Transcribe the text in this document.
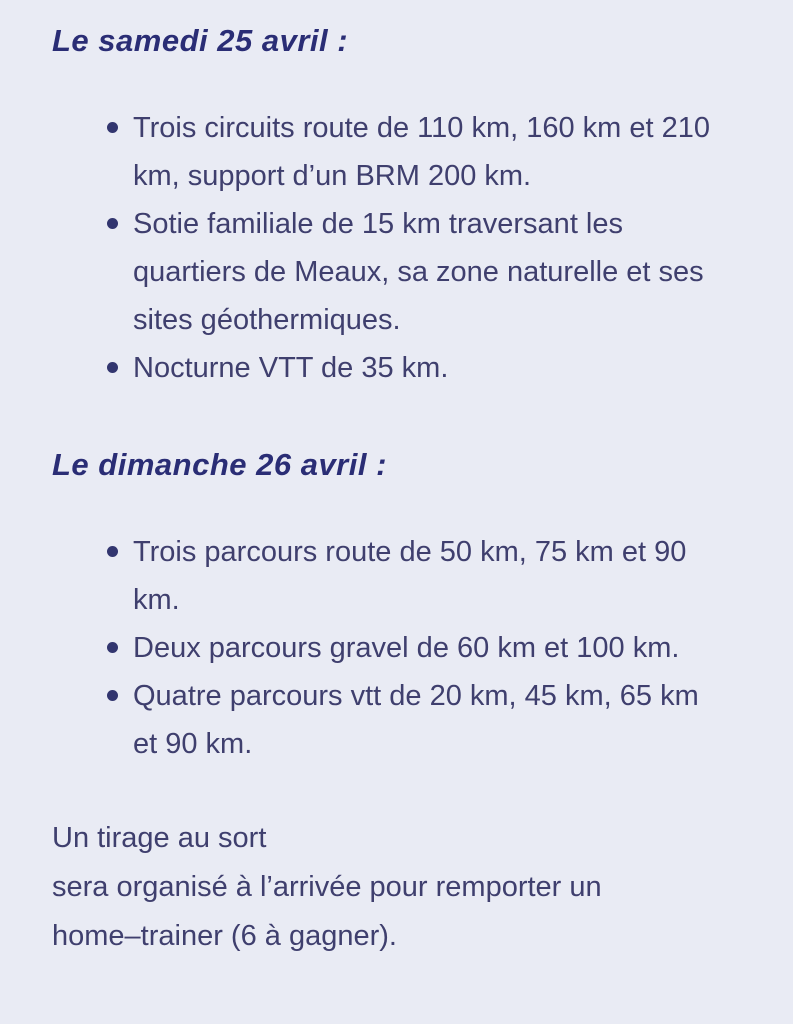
Le samedi 25 avril :
Trois circuits route de 110 km, 160 km et 210 km, support d’un BRM 200 km.
Sotie familiale de 15 km traversant les quartiers de Meaux, sa zone naturelle et ses sites géothermiques.
Nocturne VTT de 35 km.
Le dimanche 26 avril :
Trois parcours route de 50 km, 75 km et 90 km.
Deux parcours gravel de 60 km et 100 km.
Quatre parcours vtt de 20 km, 45 km, 65 km et 90 km.
Un tirage au sort
sera organisé à l’arrivée pour remporter un
home–trainer (6 à gagner).
